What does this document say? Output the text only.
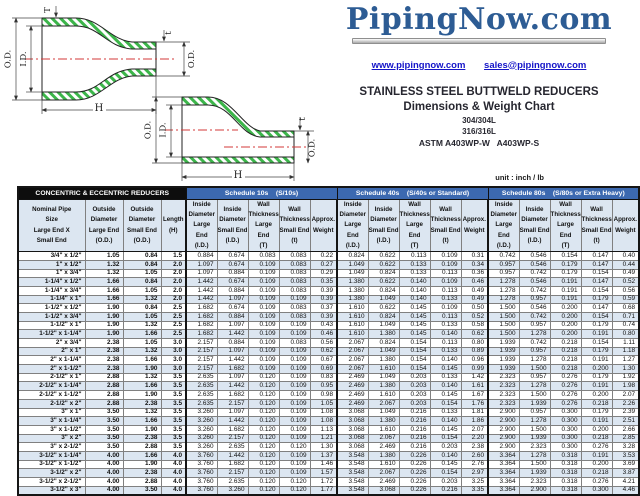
O.D. I.D.
T
t
O.D.
H
O.D. I.D.
t
O.D.
H
PipingNow.com
www.pipingnow.com sales@pipingnow.com
STAINLESS STEEL BUTTWELD REDUCERS
Dimensions & Weight Chart
304/304L
316/316L
ASTM A403WP-W   A403WP-S
unit : inch / lb
CONCENTRIC & ECCENTRIC REDUCERS				Schedule 10s    (S/10s)					Schedule 40s    (S/40s or Standard)					Schedule 80s    (S/80s or Extra Heavy)				
Nominal Pipe
Size
Large End X
Small End	Outside
Diameter
Large End
(O.D.)	Outside
Diameter
Small End
(O.D.)	Length
(H)	Inside
Diameter
Large End
(I.D.)	Inside
Diameter
Small End
(I.D.)	Wall
Thickness
Large End
(T)	Wall
Thickness
Small End
(t)	Approx.
Weight	Inside
Diameter
Large End
(I.D.)	Inside
Diameter
Small End
(I.D.)	Wall
Thickness
Large End
(T)	Wall
Thickness
Small End
(t)	Approx.
Weight	Inside
Diameter
Large End
(I.D.)	Inside
Diameter
Small End
(I.D.)	Wall
Thickness
Large End
(T)	Wall
Thickness
Small End
(t)	Approx.
Weight
3/4" x 1/2"	1.05	0.84	1.5	0.884	0.674	0.083	0.083	0.22	0.824	0.622	0.113	0.109	0.31	0.742	0.546	0.154	0.147	0.40
1" x 1/2"	1.32	0.84	2.0	1.097	0.674	0.109	0.083	0.27	1.049	0.622	0.133	0.109	0.34	0.957	0.546	0.179	0.147	0.44
1" x 3/4"	1.32	1.05	2.0	1.097	0.884	0.109	0.083	0.29	1.049	0.824	0.133	0.113	0.36	0.957	0.742	0.179	0.154	0.49
1-1/4" x 1/2"	1.66	0.84	2.0	1.442	0.674	0.109	0.083	0.35	1.380	0.622	0.140	0.109	0.46	1.278	0.546	0.191	0.147	0.52
1-1/4" x 3/4"	1.66	1.05	2.0	1.442	0.884	0.109	0.083	0.39	1.380	0.824	0.140	0.113	0.49	1.278	0.742	0.191	0.154	0.56
1-1/4" x 1"	1.66	1.32	2.0	1.442	1.097	0.109	0.109	0.39	1.380	1.049	0.140	0.133	0.49	1.278	0.957	0.191	0.179	0.59
1-1/2" x 1/2"	1.90	0.84	2.5	1.682	0.674	0.109	0.083	0.37	1.610	0.622	0.145	0.109	0.50	1.500	0.546	0.200	0.147	0.68
1-1/2" x 3/4"	1.90	1.05	2.5	1.682	0.884	0.109	0.083	0.39	1.610	0.824	0.145	0.113	0.52	1.500	0.742	0.200	0.154	0.71
1-1/2" x 1"	1.90	1.32	2.5	1.682	1.097	0.109	0.109	0.43	1.610	1.049	0.145	0.133	0.58	1.500	0.957	0.200	0.179	0.74
1-1/2" x 1-1/4"	1.90	1.66	2.5	1.682	1.442	0.109	0.109	0.46	1.610	1.380	0.145	0.140	0.62	1.500	1.278	0.200	0.191	0.80
2" x 3/4"	2.38	1.05	3.0	2.157	0.884	0.109	0.083	0.56	2.067	0.824	0.154	0.113	0.80	1.939	0.742	0.218	0.154	1.11
2" x 1"	2.38	1.32	3.0	2.157	1.097	0.109	0.109	0.62	2.067	1.049	0.154	0.133	0.89	1.939	0.957	0.218	0.179	1.18
2" x 1-1/4"	2.38	1.66	3.0	2.157	1.442	0.109	0.109	0.67	2.067	1.380	0.154	0.140	0.96	1.939	1.278	0.218	0.191	1.27
2" x 1-1/2"	2.38	1.90	3.0	2.157	1.682	0.109	0.109	0.69	2.067	1.610	0.154	0.145	0.99	1.939	1.500	0.218	0.200	1.30
2-1/2" x 1"	2.88	1.32	3.5	2.635	1.097	0.120	0.109	0.83	2.469	1.049	0.203	0.133	1.42	2.323	0.957	0.276	0.179	1.92
2-1/2" x 1-1/4"	2.88	1.66	3.5	2.635	1.442	0.120	0.109	0.95	2.469	1.380	0.203	0.140	1.61	2.323	1.278	0.276	0.191	1.98
2-1/2" x 1-1/2"	2.88	1.90	3.5	2.635	1.682	0.120	0.109	0.98	2.469	1.610	0.203	0.145	1.67	2.323	1.500	0.276	0.200	2.07
2-1/2" x 2"	2.88	2.38	3.5	2.635	2.157	0.120	0.109	1.05	2.469	2.067	0.203	0.154	1.76	2.323	1.939	0.276	0.218	2.26
3" x 1"	3.50	1.32	3.5	3.260	1.097	0.120	0.109	1.08	3.068	1.049	0.216	0.133	1.81	2.900	0.957	0.300	0.179	2.39
3" x 1-1/4"	3.50	1.66	3.5	3.260	1.442	0.120	0.109	1.08	3.068	1.380	0.216	0.140	1.86	2.900	1.278	0.300	0.191	2.51
3" x 1-1/2"	3.50	1.90	3.5	3.260	1.682	0.120	0.109	1.13	3.068	1.610	0.216	0.145	2.07	2.900	1.500	0.300	0.200	2.66
3" x 2"	3.50	2.38	3.5	3.260	2.157	0.120	0.109	1.21	3.068	2.067	0.216	0.154	2.20	2.900	1.939	0.300	0.218	2.85
3" x 2-1/2"	3.50	2.88	3.5	3.260	2.635	0.120	0.120	1.30	3.068	2.469	0.216	0.203	2.38	2.900	2.323	0.300	0.276	3.28
3-1/2" x 1-1/4"	4.00	1.66	4.0	3.760	1.442	0.120	0.109	1.37	3.548	1.380	0.226	0.140	2.60	3.364	1.278	0.318	0.191	3.53
3-1/2" x 1-1/2"	4.00	1.90	4.0	3.760	1.682	0.120	0.109	1.46	3.548	1.610	0.226	0.145	2.76	3.364	1.500	0.318	0.200	3.69
3-1/2" x 2"	4.00	2.38	4.0	3.760	2.157	0.120	0.109	1.57	3.548	2.067	0.226	0.154	2.97	3.364	1.939	0.318	0.218	3.87
3-1/2" x 2-1/2"	4.00	2.88	4.0	3.760	2.635	0.120	0.120	1.72	3.548	2.469	0.226	0.203	3.25	3.364	2.323	0.318	0.276	4.21
3-1/2" x 3"	4.00	3.50	4.0	3.760	3.260	0.120	0.120	1.77	3.548	3.068	0.226	0.216	3.35	3.364	2.900	0.318	0.300	4.46
